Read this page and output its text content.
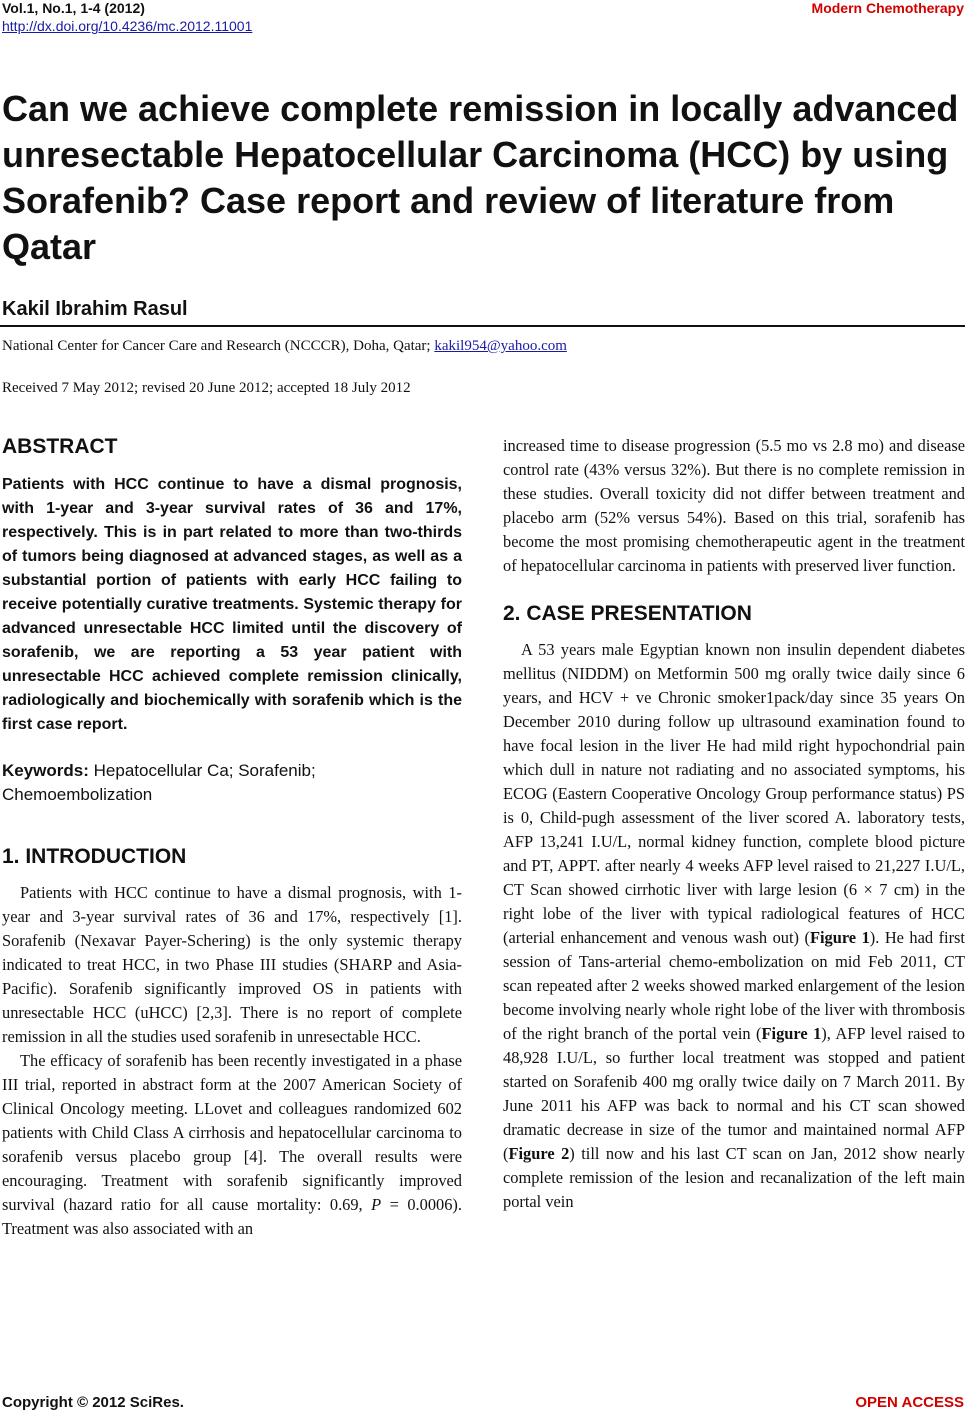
Vol.1, No.1, 1-4 (2012)
http://dx.doi.org/10.4236/mc.2012.11001
Modern Chemotherapy
Can we achieve complete remission in locally advanced unresectable Hepatocellular Carcinoma (HCC) by using Sorafenib? Case report and review of literature from Qatar
Kakil Ibrahim Rasul
National Center for Cancer Care and Research (NCCCR), Doha, Qatar; kakil954@yahoo.com
Received 7 May 2012; revised 20 June 2012; accepted 18 July 2012
ABSTRACT

Patients with HCC continue to have a dismal prognosis, with 1-year and 3-year survival rates of 36 and 17%, respectively. This is in part related to more than two-thirds of tumors being diagnosed at advanced stages, as well as a substantial portion of patients with early HCC failing to receive potentially curative treatments. Systemic therapy for advanced unresectable HCC limited until the discovery of sorafenib, we are reporting a 53 year patient with unresectable HCC achieved complete remission clinically, radiologically and biochemically with sorafenib which is the first case report.

Keywords: Hepatocellular Ca; Sorafenib; Chemoembolization

1. INTRODUCTION

Patients with HCC continue to have a dismal prognosis, with 1-year and 3-year survival rates of 36 and 17%, respectively [1]. Sorafenib (Nexavar Payer-Schering) is the only systemic therapy indicated to treat HCC, in two Phase III studies (SHARP and Asia-Pacific). Sorafenib significantly improved OS in patients with unresectable HCC (uHCC) [2,3]. There is no report of complete remission in all the studies used sorafenib in unresectable HCC.

The efficacy of sorafenib has been recently investigated in a phase III trial, reported in abstract form at the 2007 American Society of Clinical Oncology meeting. LLovet and colleagues randomized 602 patients with Child Class A cirrhosis and hepatocellular carcinoma to sorafenib versus placebo group [4]. The overall results were encouraging. Treatment with sorafenib significantly improved survival (hazard ratio for all cause mortality: 0.69, P = 0.0006). Treatment was also associated with an

increased time to disease progression (5.5 mo vs 2.8 mo) and disease control rate (43% versus 32%). But there is no complete remission in these studies. Overall toxicity did not differ between treatment and placebo arm (52% versus 54%). Based on this trial, sorafenib has become the most promising chemotherapeutic agent in the treatment of hepatocellular carcinoma in patients with preserved liver function.

2. CASE PRESENTATION

A 53 years male Egyptian known non insulin dependent diabetes mellitus (NIDDM) on Metformin 500 mg orally twice daily since 6 years, and HCV + ve Chronic smoker1pack/day since 35 years On December 2010 during follow up ultrasound examination found to have focal lesion in the liver He had mild right hypochondrial pain which dull in nature not radiating and no associated symptoms, his ECOG (Eastern Cooperative Oncology Group performance status) PS is 0, Child-pugh assessment of the liver scored A. laboratory tests, AFP 13,241 I.U/L, normal kidney function, complete blood picture and PT, APPT. after nearly 4 weeks AFP level raised to 21,227 I.U/L, CT Scan showed cirrhotic liver with large lesion (6 × 7 cm) in the right lobe of the liver with typical radiological features of HCC (arterial enhancement and venous wash out) (Figure 1). He had first session of Tans-arterial chemo-embolization on mid Feb 2011, CT scan repeated after 2 weeks showed marked enlargement of the lesion become involving nearly whole right lobe of the liver with thrombosis of the right branch of the portal vein (Figure 1), AFP level raised to 48,928 I.U/L, so further local treatment was stopped and patient started on Sorafenib 400 mg orally twice daily on 7 March 2011. By June 2011 his AFP was back to normal and his CT scan showed dramatic decrease in size of the tumor and maintained normal AFP (Figure 2) till now and his last CT scan on Jan, 2012 show nearly complete remission of the lesion and recanalization of the left main portal vein

Copyright © 2012 SciRes.	OPEN ACCESS
